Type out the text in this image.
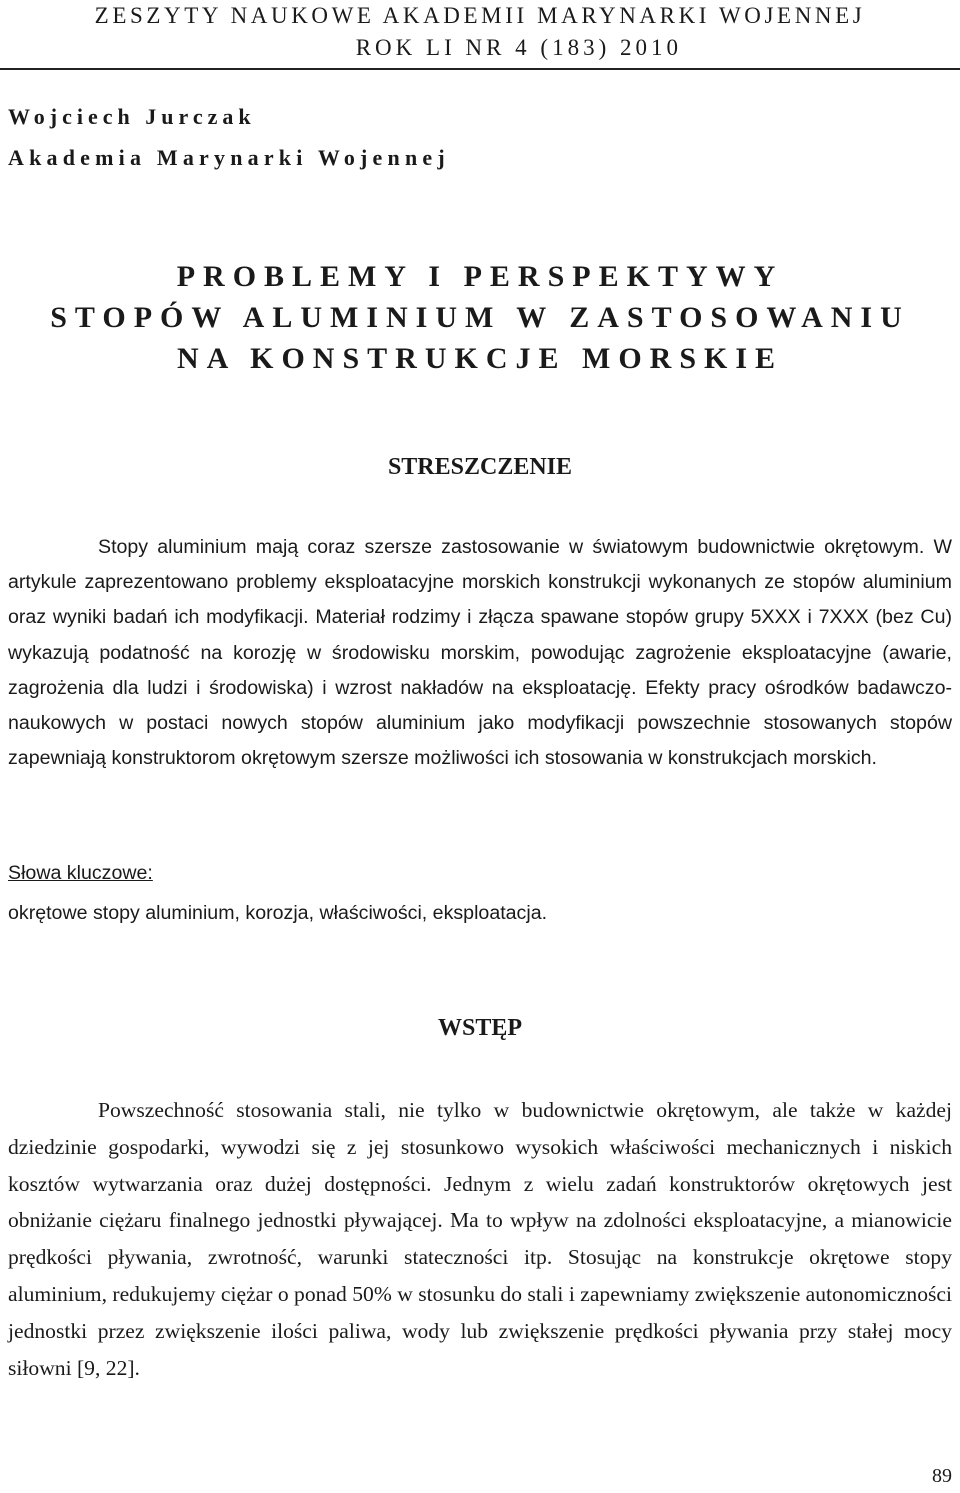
ZESZYTY NAUKOWE AKADEMII MARYNARKI WOJENNEJ
ROK LI NR 4 (183) 2010
Wojciech Jurczak
Akademia Marynarki Wojennej
PROBLEMY I PERSPEKTYWY
STOPÓW ALUMINIUM W ZASTOSOWANIU
NA KONSTRUKCJE MORSKIE
STRESZCZENIE

Stopy aluminium mają coraz szersze zastosowanie w światowym budownictwie okrętowym. W artykule zaprezentowano problemy eksploatacyjne morskich konstrukcji wykonanych ze stopów aluminium oraz wyniki badań ich modyfikacji. Materiał rodzimy i złącza spawane stopów grupy 5XXX i 7XXX (bez Cu) wykazują podatność na korozję w środowisku morskim, powodując zagrożenie eksploatacyjne (awarie, zagrożenia dla ludzi i środowiska) i wzrost nakładów na eksploatację. Efekty pracy ośrodków badawczo-naukowych w postaci nowych stopów aluminium jako modyfikacji powszechnie stosowanych stopów zapewniają konstruktorom okrętowym szersze możliwości ich stosowania w konstrukcjach morskich.

Słowa kluczowe:
okrętowe stopy aluminium, korozja, właściwości, eksploatacja.
WSTĘP

Powszechność stosowania stali, nie tylko w budownictwie okrętowym, ale także w każdej dziedzinie gospodarki, wywodzi się z jej stosunkowo wysokich właściwości mechanicznych i niskich kosztów wytwarzania oraz dużej dostępności. Jednym z wielu zadań konstruktorów okrętowych jest obniżanie ciężaru finalnego jednostki pływającej. Ma to wpływ na zdolności eksploatacyjne, a mianowicie prędkości pływania, zwrotność, warunki stateczności itp. Stosując na konstrukcje okrętowe stopy aluminium, redukujemy ciężar o ponad 50% w stosunku do stali i zapewniamy zwiększenie autonomiczności jednostki przez zwiększenie ilości paliwa, wody lub zwiększenie prędkości pływania przy stałej mocy siłowni [9, 22].

89
